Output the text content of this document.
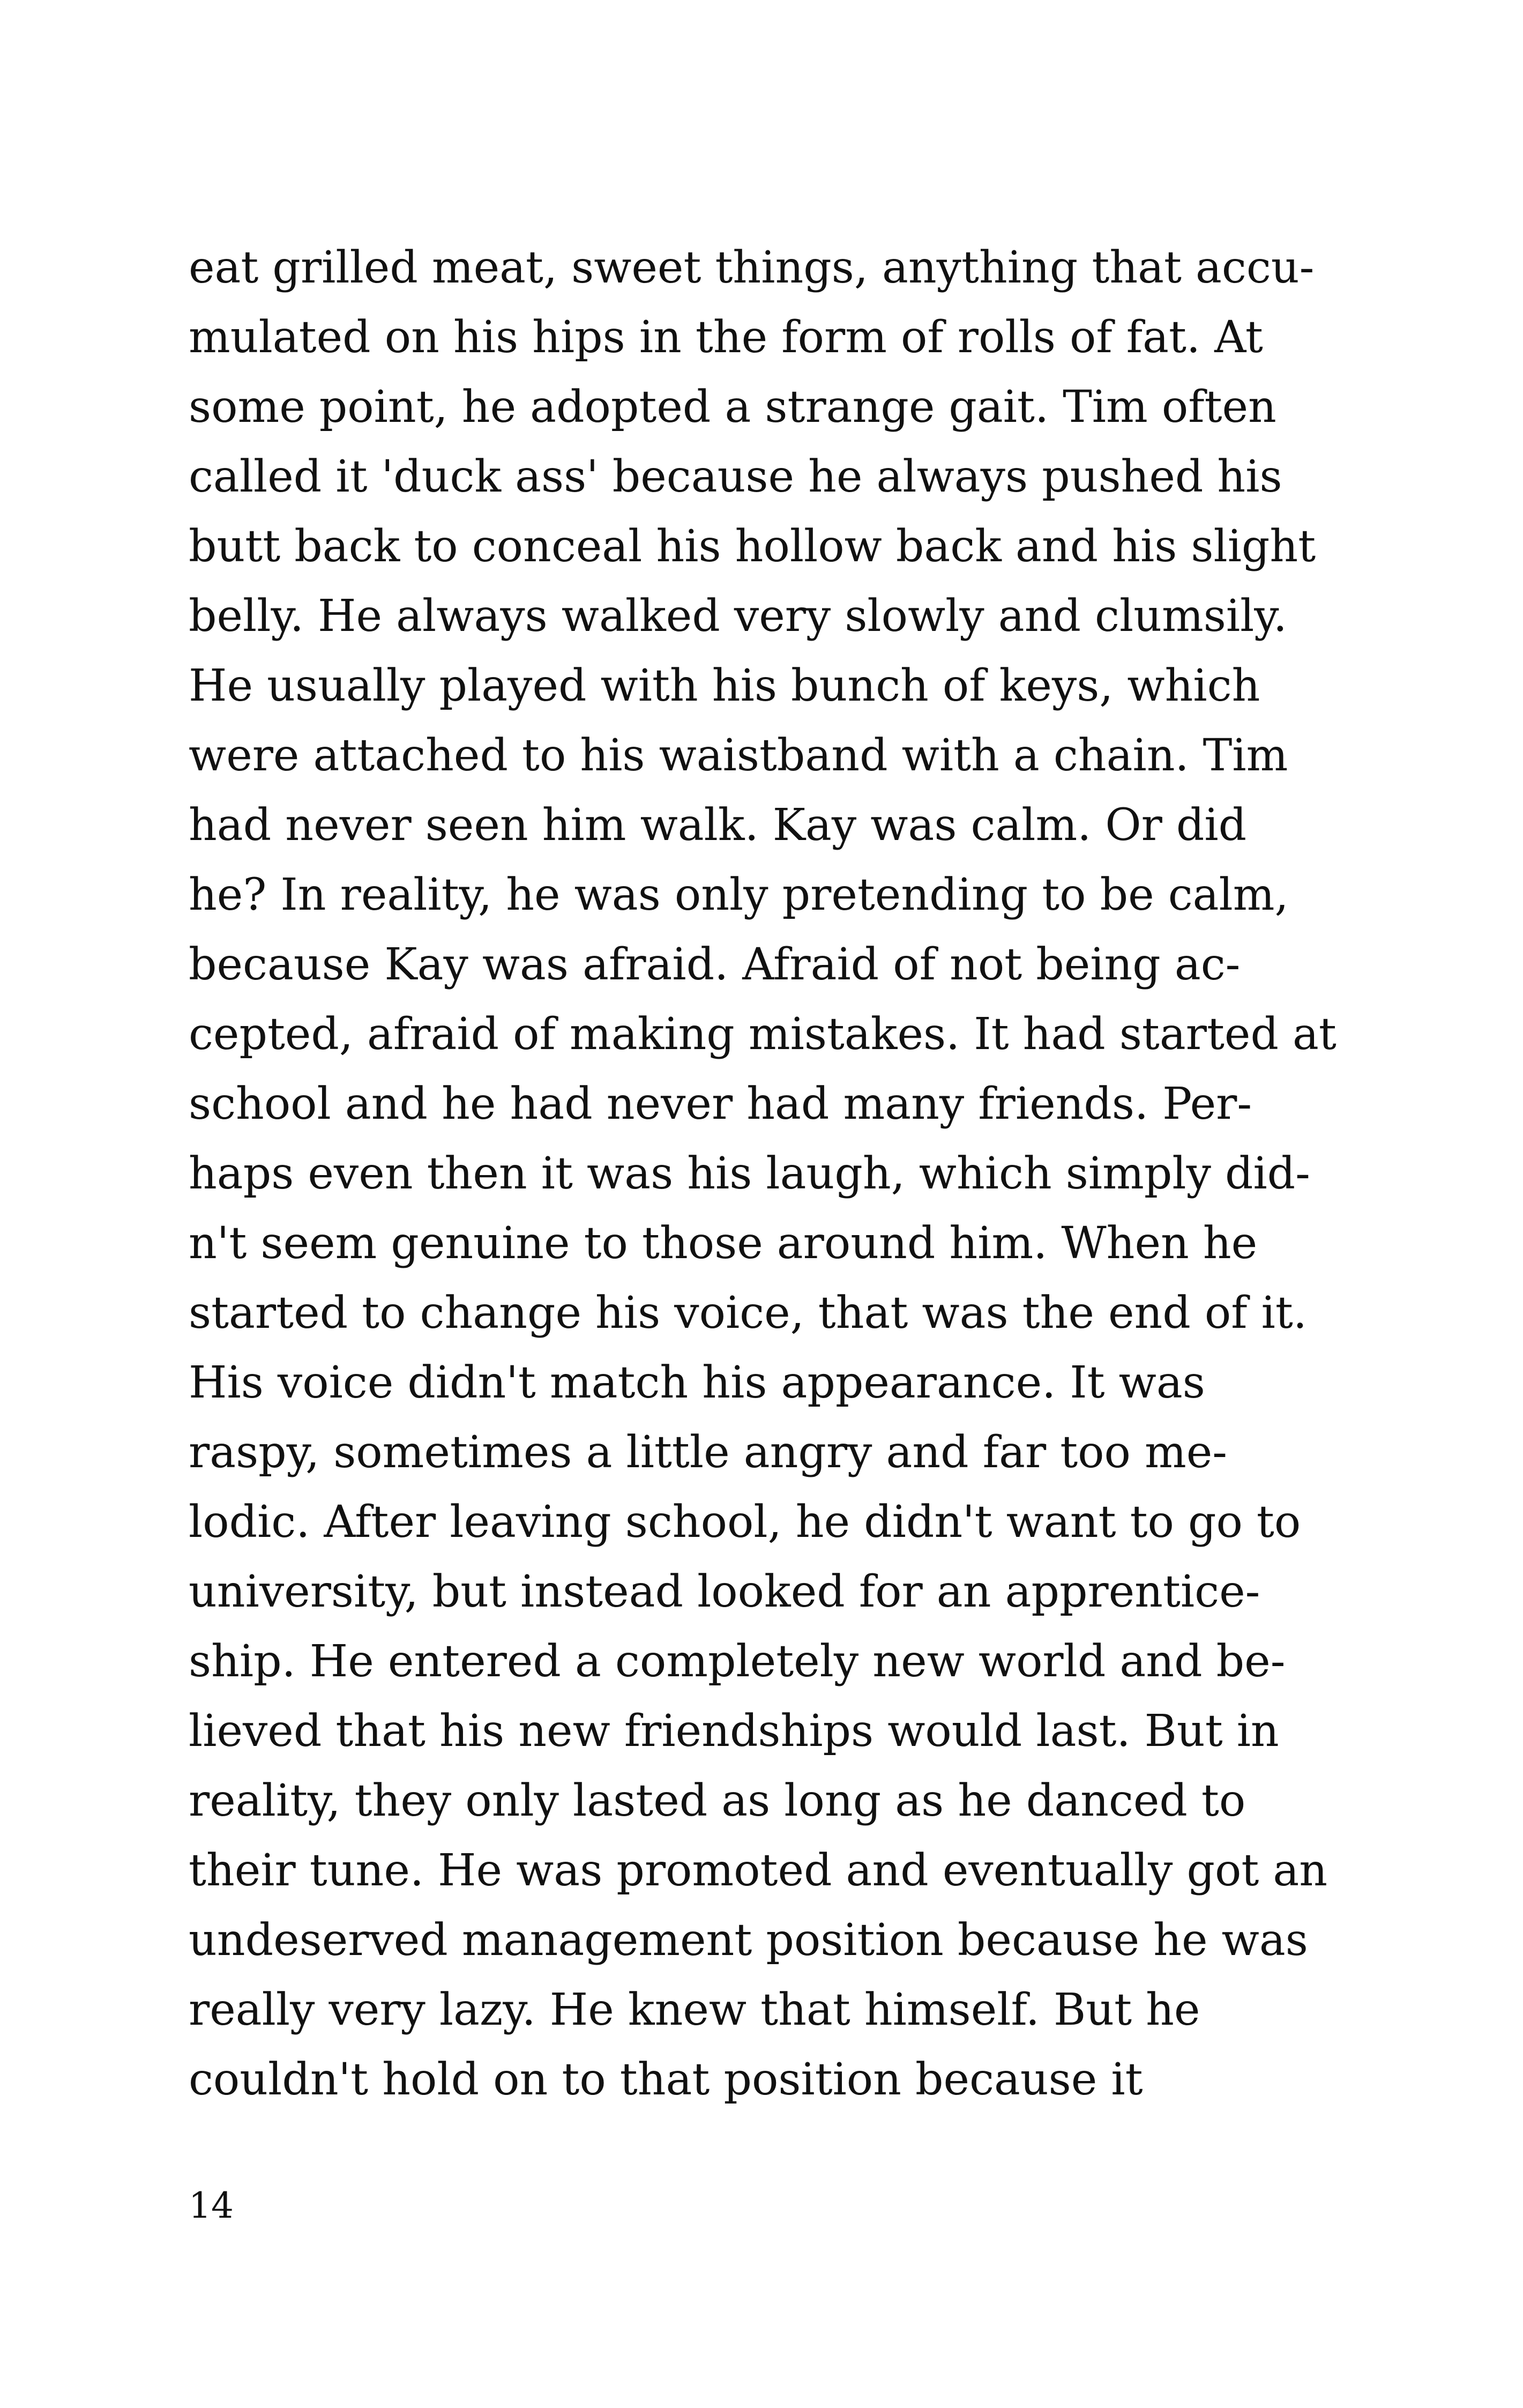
eat grilled meat, sweet things, anything that accu-
mulated on his hips in the form of rolls of fat. At
some point, he adopted a strange gait. Tim often
called it 'duck ass' because he always pushed his
butt back to conceal his hollow back and his slight
belly. He always walked very slowly and clumsily.
He usually played with his bunch of keys, which
were attached to his waistband with a chain. Tim
had never seen him walk. Kay was calm. Or did
he? In reality, he was only pretending to be calm,
because Kay was afraid. Afraid of not being ac-
cepted, afraid of making mistakes. It had started at
school and he had never had many friends. Per-
haps even then it was his laugh, which simply did-
n't seem genuine to those around him. When he
started to change his voice, that was the end of it.
His voice didn't match his appearance. It was
raspy, sometimes a little angry and far too me-
lodic. After leaving school, he didn't want to go to
university, but instead looked for an apprentice-
ship. He entered a completely new world and be-
lieved that his new friendships would last. But in
reality, they only lasted as long as he danced to
their tune. He was promoted and eventually got an
undeserved management position because he was
really very lazy. He knew that himself. But he
couldn't hold on to that position because it
14
